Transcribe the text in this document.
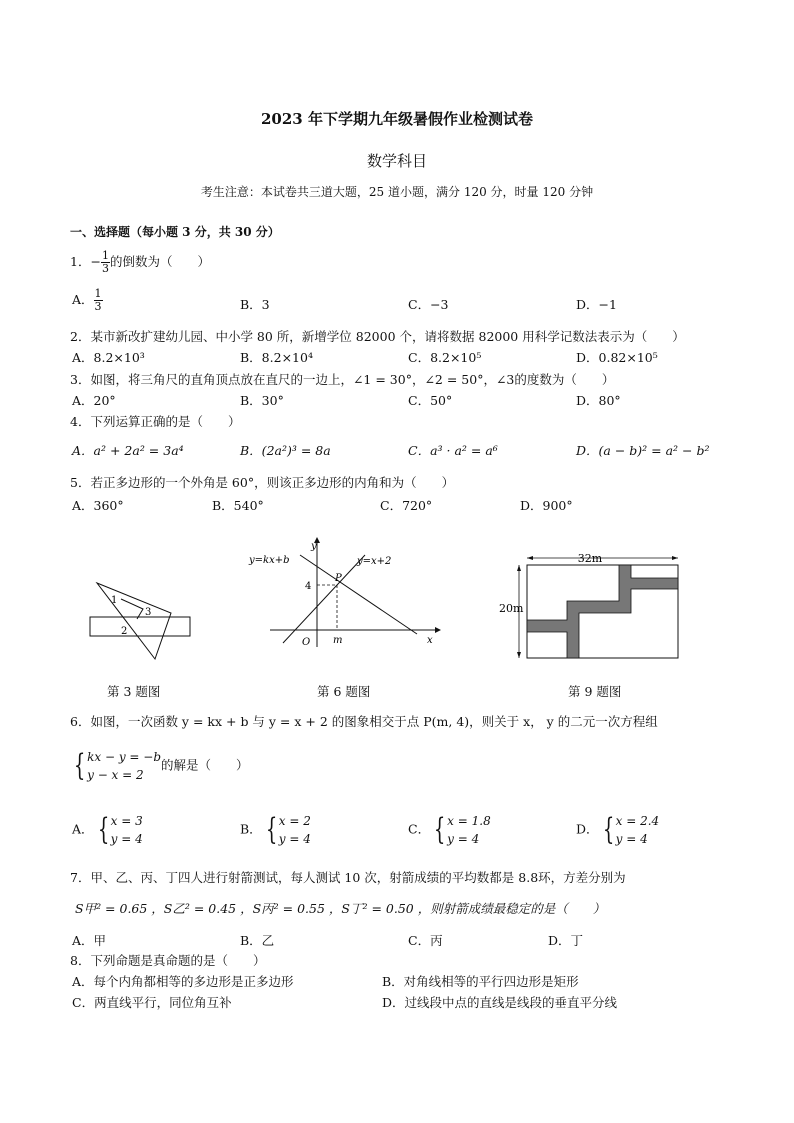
2023 年下学期九年级暑假作业检测试卷
数学科目
考生注意：本试卷共三道大题，25 道小题，满分 120 分，时量 120 分钟
一、选择题（每小题 3 分，共 30 分）
1．− $\frac{1}{3}$ 的倒数为（　　）
A． $\frac{1}{3}$	B．3	C．−3	D．−1
2．某市新改扩建幼儿园、中小学 80 所，新增学位 82000 个，请将数据 82000 用科学记数法表示为（　　）
A．8.2×10³	B．8.2×10⁴	C．8.2×10⁵	D．0.82×10⁵
3．如图，将三角尺的直角顶点放在直尺的一边上，∠1 = 30°，∠2 = 50°，∠3的度数为（　　）
A．20°	B．30°	C．50°	D．80°
4．下列运算正确的是（　　）
A．a² + 2a² = 3a⁴	B．(2a²)³ = 8a	C．a³ · a² = a⁶	D．(a − b)² = a² − b²
5．若正多边形的一个外角是 60°，则该正多边形的内角和为（　　）
A．360°	B．540°	C．720°	D．900°
1
2
3
第 3 题图
y=kx+b	y=x+2
y
x
O
4
m
P
第 6 题图
32m
20m
第 9 题图
6．如图，一次函数 y = kx + b 与 y = x + 2 的图象相交于点 P(m, 4)，则关于 x， y 的二元一次方程组
{ kx − y = −b
y − x = 2
的解是（　　）
A． { x = 3
y = 4
B． { x = 2
y = 4
C． { x = 1.8
y = 4
D． { x = 2.4
y = 4
7．甲、乙、丙、丁四人进行射箭测试，每人测试 10 次，射箭成绩的平均数都是 8.8环，方差分别为
S甲² = 0.65 ，S乙² = 0.45 ，S丙² = 0.55 ，S丁² = 0.50 ，则射箭成绩最稳定的是（　　）
A．甲	B．乙	C．丙	D．丁
8．下列命题是真命题的是（　　）
A．每个内角都相等的多边形是正多边形	B．对角线相等的平行四边形是矩形
C．两直线平行，同位角互补	D．过线段中点的直线是线段的垂直平分线
